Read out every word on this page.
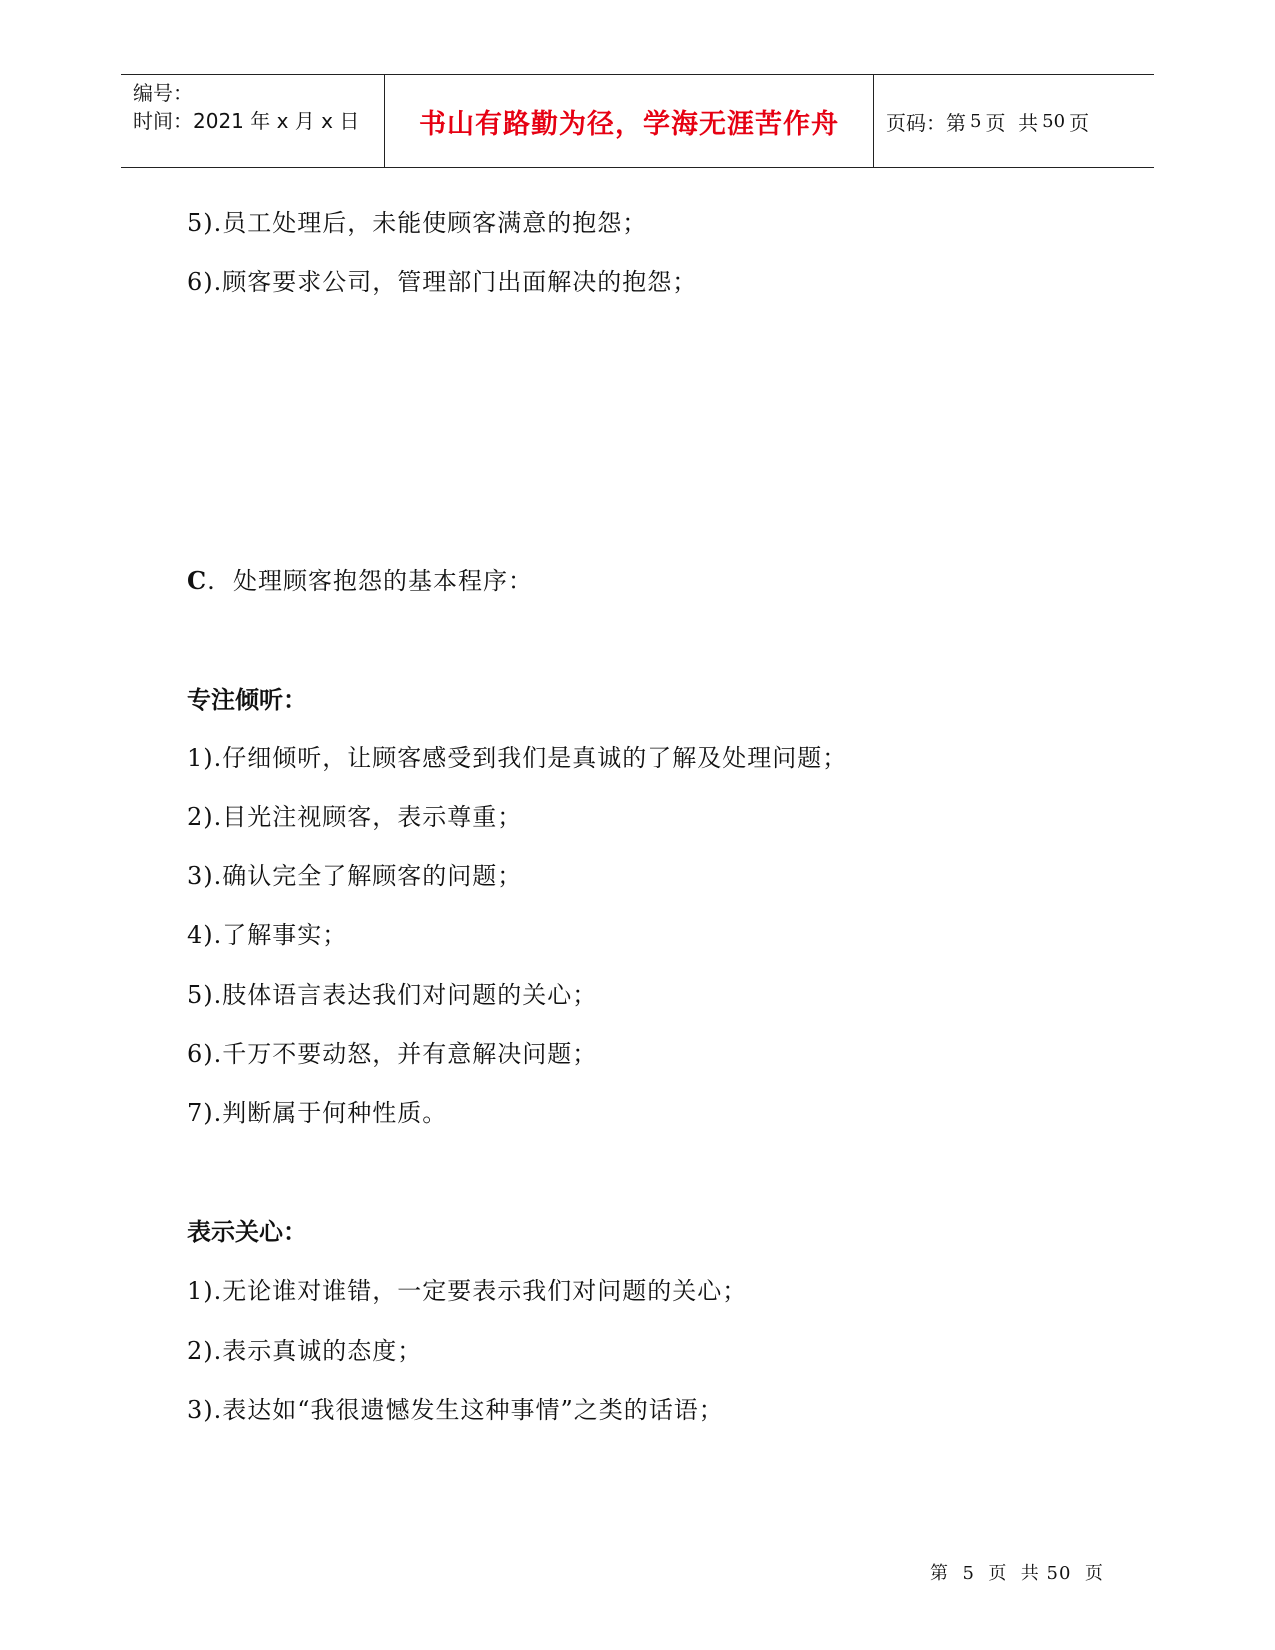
编号：
时间：2021 年 x 月 x 日	书山有路勤为径，学海无涯苦作舟 页码：第 5 页  共 50 页
5).员工处理后，未能使顾客满意的抱怨；
6).顾客要求公司，管理部门出面解决的抱怨；
C.  处理顾客抱怨的基本程序：
专注倾听：
1).仔细倾听，让顾客感受到我们是真诚的了解及处理问题；
2).目光注视顾客，表示尊重；
3).确认完全了解顾客的问题；
4).了解事实；
5).肢体语言表达我们对问题的关心；
6).千万不要动怒，并有意解决问题；
7).判断属于何种性质。
表示关心：
1).无论谁对谁错，一定要表示我们对问题的关心；
2).表示真诚的态度；
3).表达如“我很遗憾发生这种事情”之类的话语；
第  5  页  共 50  页
